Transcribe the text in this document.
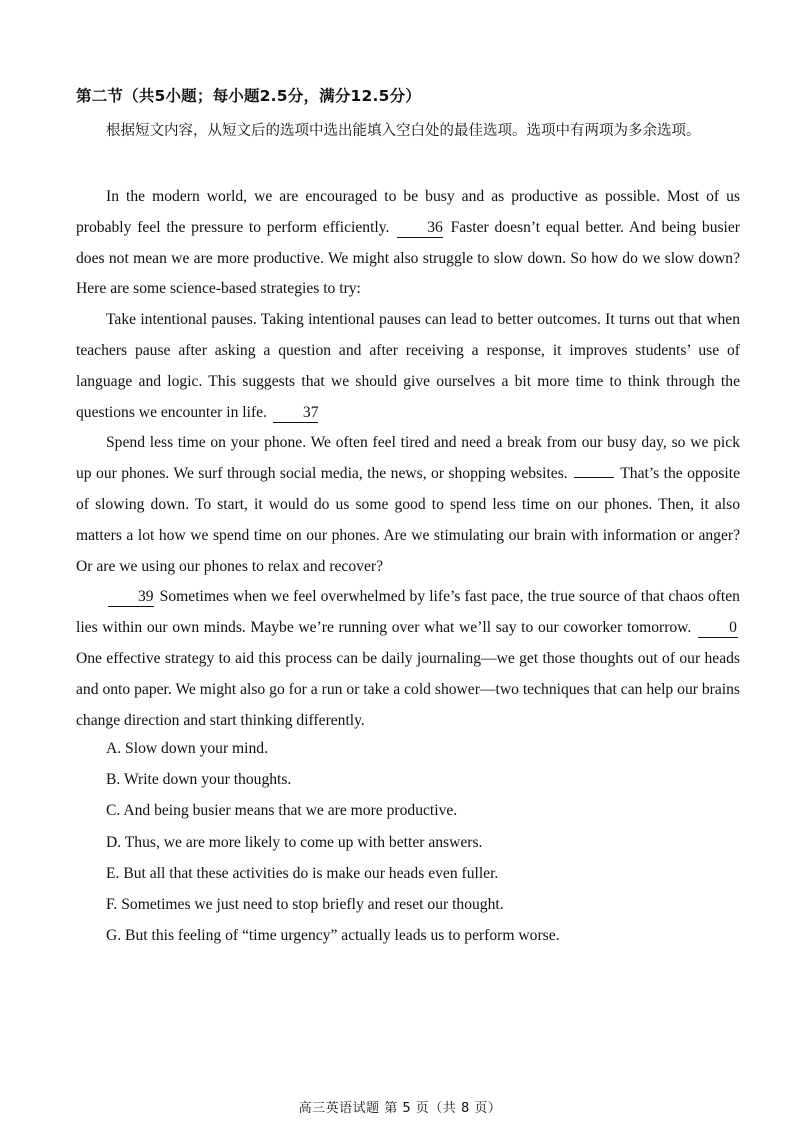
第二节（共5小题；每小题2.5分，满分12.5分）
根据短文内容，从短文后的选项中选出能填入空白处的最佳选项。选项中有两项为多余选项。

In the modern world, we are encouraged to be busy and as productive as possible. Most of us probably feel the pressure to perform efficiently. 36 Faster doesn’t equal better. And being busier does not mean we are more productive. We might also struggle to slow down. So how do we slow down? Here are some science-based strategies to try:

Take intentional pauses. Taking intentional pauses can lead to better outcomes. It turns out that when teachers pause after asking a question and after receiving a response, it improves students’ use of language and logic. This suggests that we should give ourselves a bit more time to think through the questions we encounter in life. 37

Spend less time on your phone. We often feel tired and need a break from our busy day, so we pick up our phones. We surf through social media, the news, or shopping websites.	That’s the opposite of slowing down. To start, it would do us some good to spend less time on our phones. Then, it also matters a lot how we spend time on our phones. Are we stimulating our brain with information or anger? Or are we using our phones to relax and recover?

39 Sometimes when we feel overwhelmed by life’s fast pace, the true source of that chaos often lies within our own minds. Maybe we’re running over what we’ll say to our coworker tomorrow. 0 One effective strategy to aid this process can be daily journaling—we get those thoughts out of our heads and onto paper. We might also go for a run or take a cold shower—two techniques that can help our brains change direction and start thinking differently.

A. Slow down your mind.
B. Write down your thoughts.
C. And being busier means that we are more productive.
D. Thus, we are more likely to come up with better answers.
E. But all that these activities do is make our heads even fuller.
F. Sometimes we just need to stop briefly and reset our thought.
G. But this feeling of “time urgency” actually leads us to perform worse.
高三英语试题 第 5 页（共 8 页）
